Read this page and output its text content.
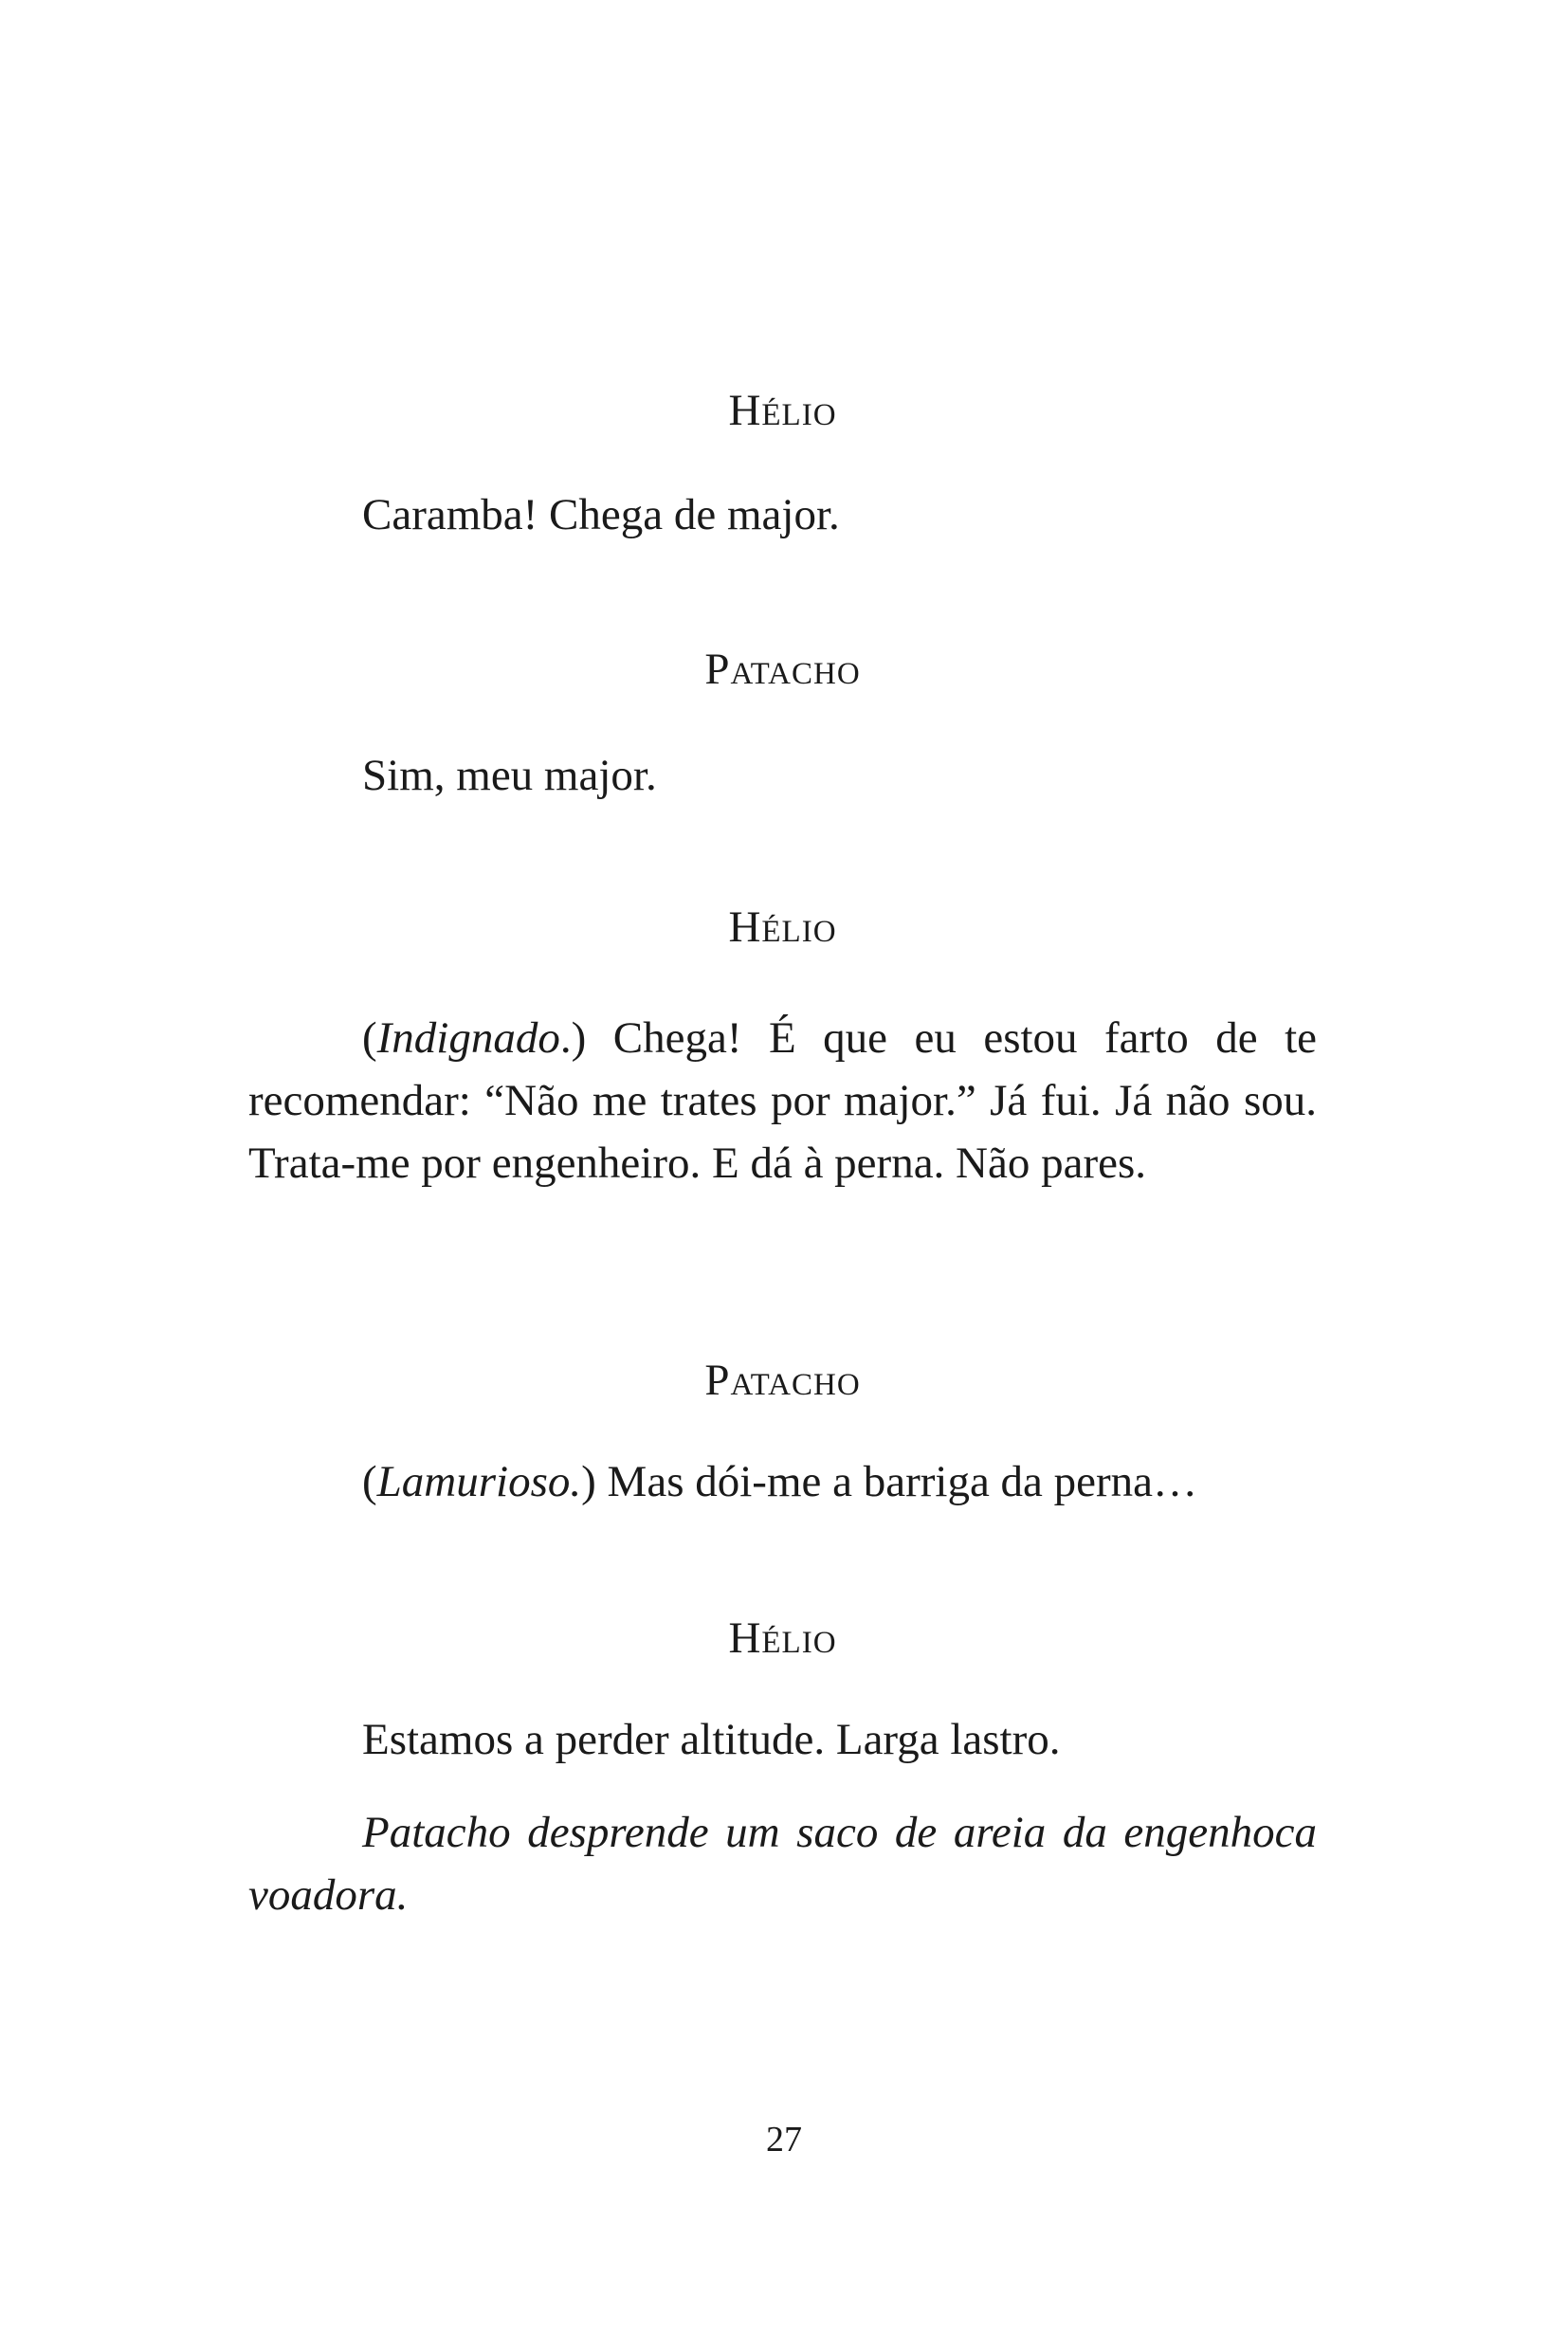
Hélio
Caramba! Chega de major.
Patacho
Sim, meu major.
Hélio

(Indignado.) Chega! É que eu estou farto de te recomendar: “Não me trates por major.” Já fui. Já não sou. Trata-me por engenheiro. E dá à perna. Não pares.

Patacho
(Lamurioso.) Mas dói-me a barriga da perna…
Hélio
Estamos a perder altitude. Larga lastro.

Patacho desprende um saco de areia da engenhoca voadora.

27
